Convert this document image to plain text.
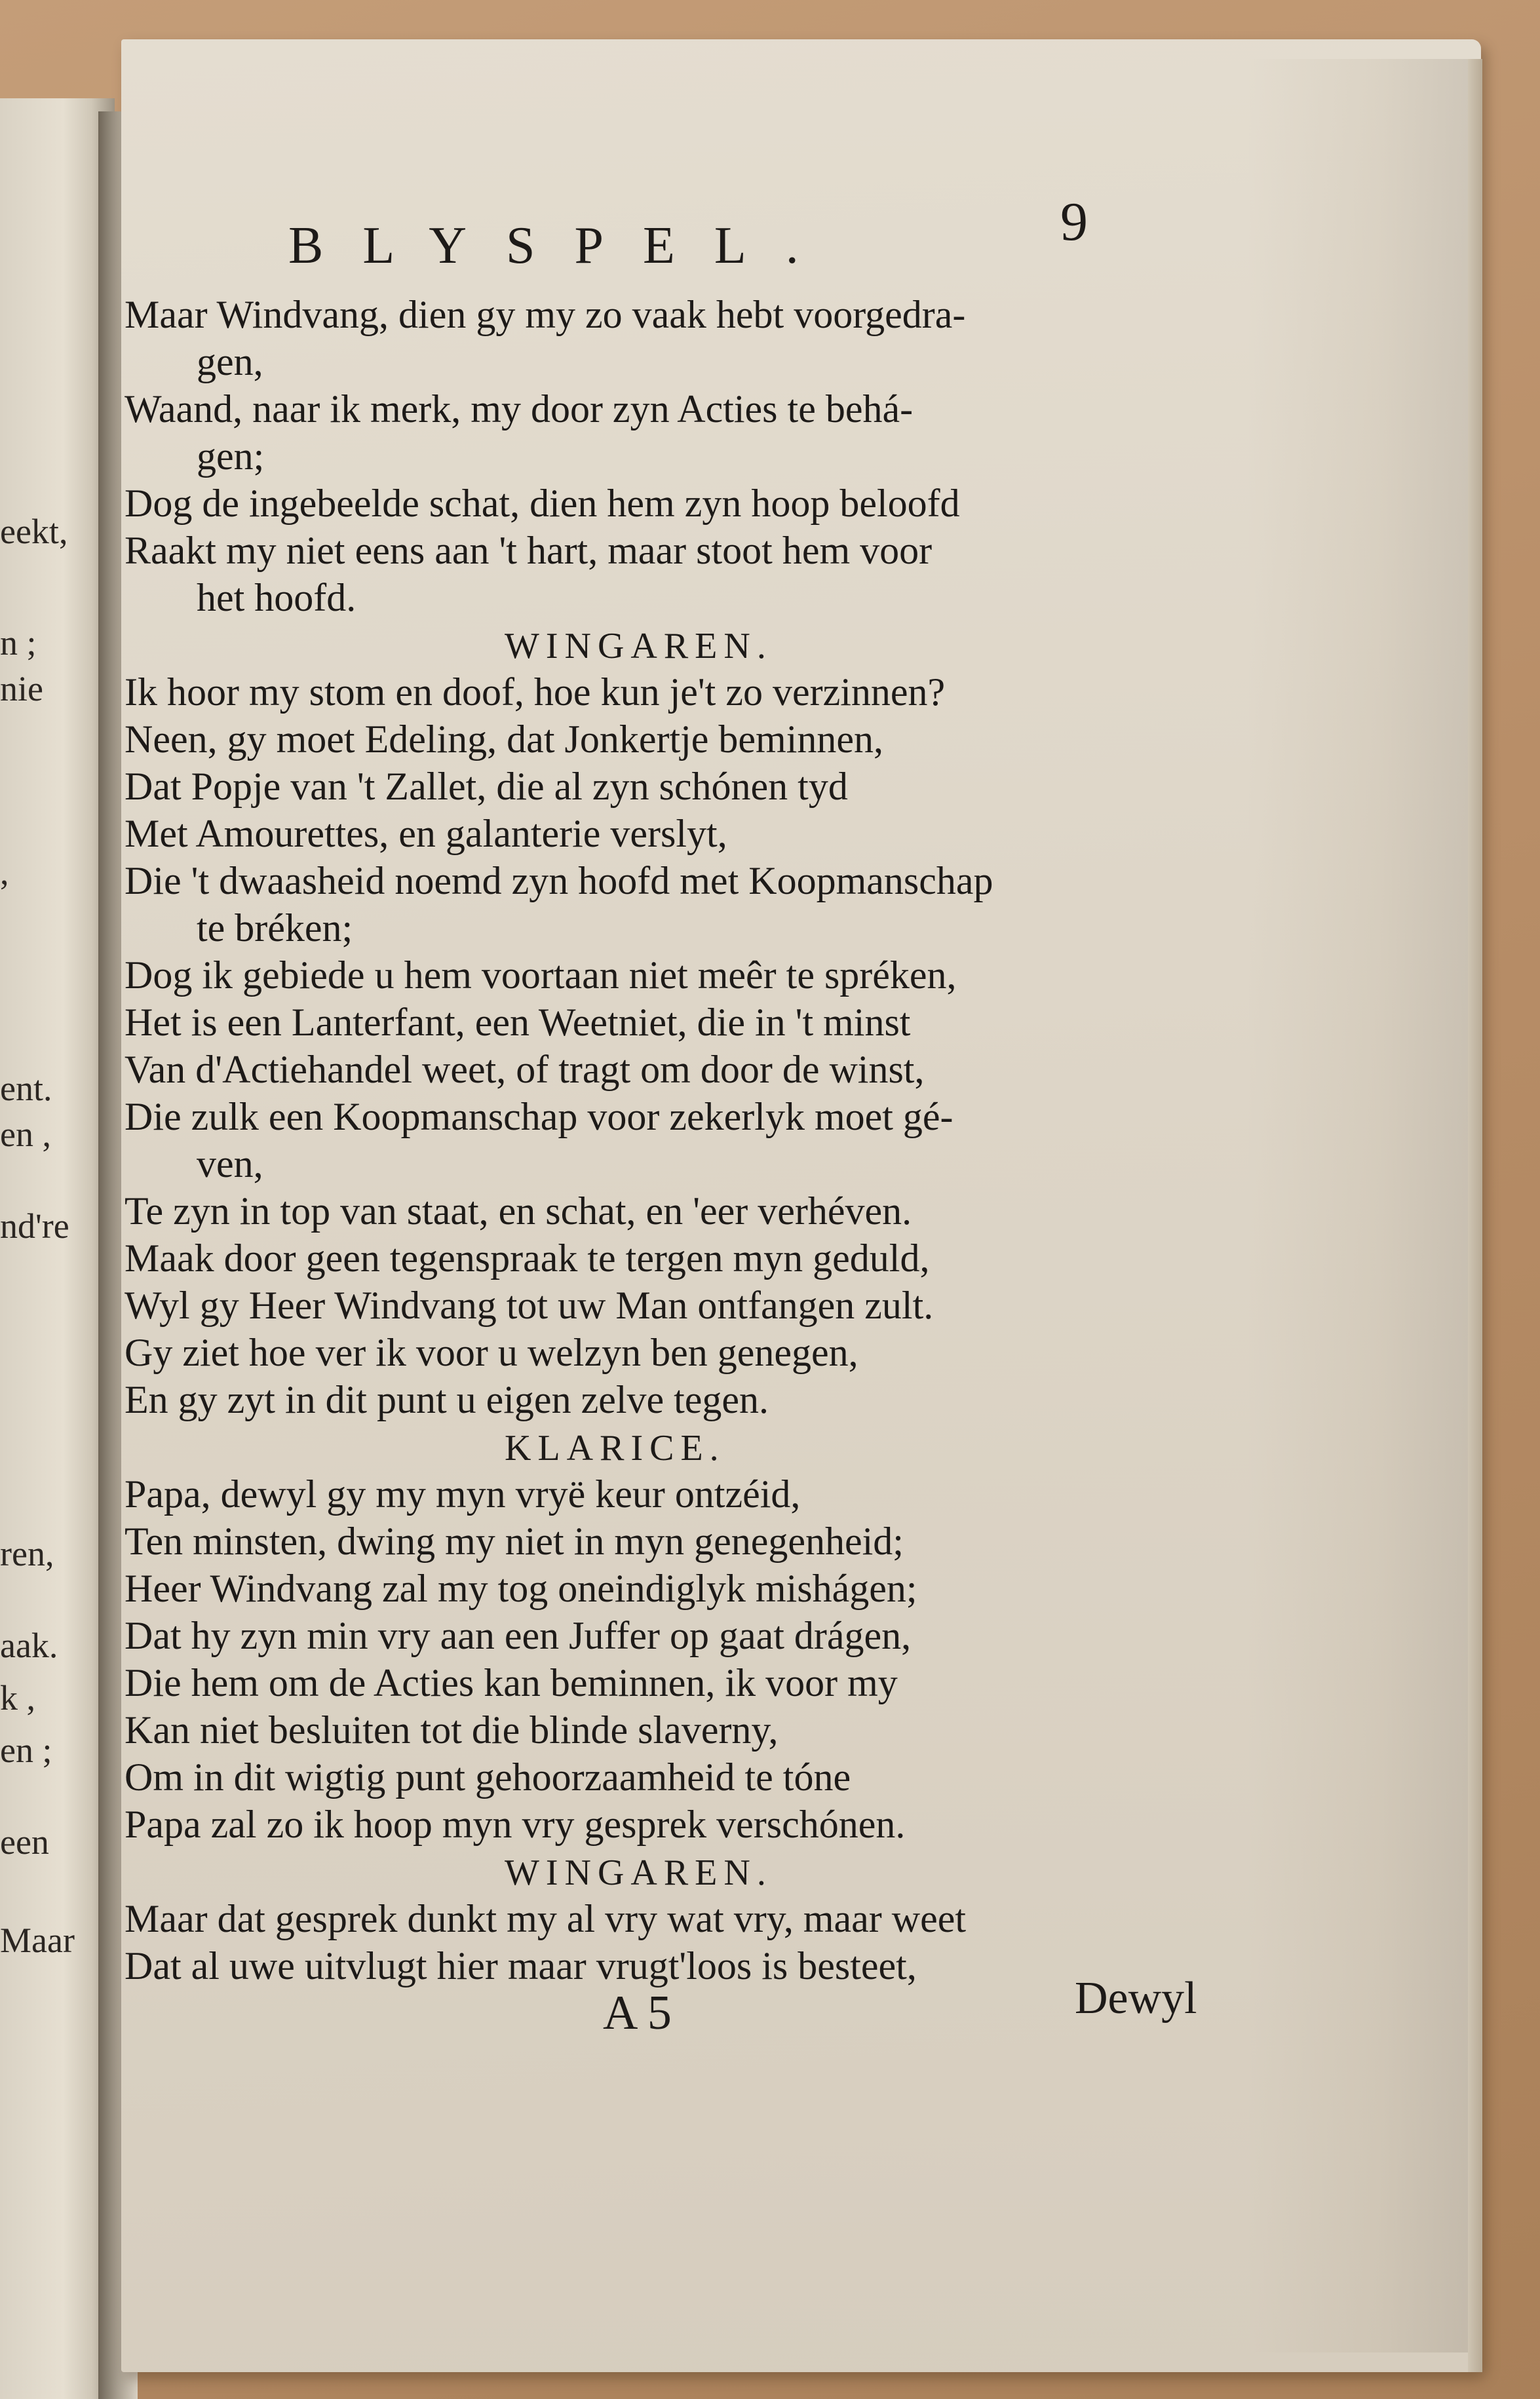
eekt,
n ;
nie
,
ent.
en ,
nd're
ren,
aak.
k ,
en ;
een
Maar
BLYSPEL.	9
Maar Windvang, dien gy my zo vaak hebt voorgedra-
gen,
Waand, naar ik merk, my door zyn Acties te behá-
gen;
Dog de ingebeelde schat, dien hem zyn hoop beloofd
Raakt my niet eens aan 't hart, maar stoot hem voor
het hoofd.
WINGAREN.
Ik hoor my stom en doof, hoe kun je't zo verzinnen?
Neen, gy moet Edeling, dat Jonkertje beminnen,
Dat Popje van 't Zallet, die al zyn schónen tyd
Met Amourettes, en galanterie verslyt,
Die 't dwaasheid noemd zyn hoofd met Koopmanschap
te bréken;
Dog ik gebiede u hem voortaan niet meêr te spréken,
Het is een Lanterfant, een Weetniet, die in 't minst
Van d'Actiehandel weet, of tragt om door de winst,
Die zulk een Koopmanschap voor zekerlyk moet gé-
ven,
Te zyn in top van staat, en schat, en 'eer verhéven.
Maak door geen tegenspraak te tergen myn geduld,
Wyl gy Heer Windvang tot uw Man ontfangen zult.
Gy ziet hoe ver ik voor u welzyn ben genegen,
En gy zyt in dit punt u eigen zelve tegen.
KLARICE.
Papa, dewyl gy my myn vryë keur ontzéid,
Ten minsten, dwing my niet in myn genegenheid;
Heer Windvang zal my tog oneindiglyk mishágen;
Dat hy zyn min vry aan een Juffer op gaat drágen,
Die hem om de Acties kan beminnen, ik voor my
Kan niet besluiten tot die blinde slaverny,
Om in dit wigtig punt gehoorzaamheid te tóne
Papa zal zo ik hoop myn vry gesprek verschónen.
WINGAREN.
Maar dat gesprek dunkt my al vry wat vry, maar weet
Dat al uwe uitvlugt hier maar vrugt'loos is besteet,
A 5	Dewyl
